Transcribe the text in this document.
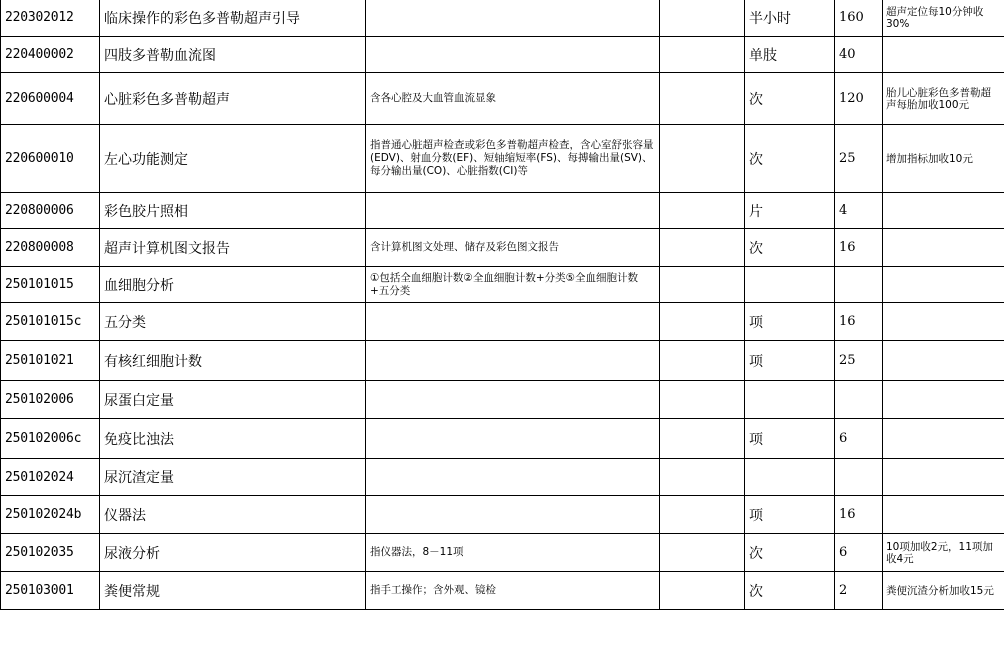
220302012	临床操作的彩色多普勒超声引导			半小时	160	超声定位每10分钟收30%
220400002	四肢多普勒血流图			单肢	40	
220600004	心脏彩色多普勒超声	含各心腔及大血管血流显象		次	120	胎儿心脏彩色多普勒超声每胎加收100元
220600010	左心功能测定	指普通心脏超声检查或彩色多普勒超声检查，含心室舒张容量(EDV)、射血分数(EF)、短轴缩短率(FS)、每搏输出量(SV)、每分输出量(CO)、心脏指数(CI)等		次	25	增加指标加收10元
220800006	彩色胶片照相			片	4	
220800008	超声计算机图文报告	含计算机图文处理、储存及彩色图文报告		次	16	
250101015	血细胞分析	①包括全血细胞计数②全血细胞计数+分类⑤全血细胞计数+五分类				
250101015c	五分类			项	16	
250101021	有核红细胞计数			项	25	
250102006	尿蛋白定量					
250102006c	免疫比浊法			项	6	
250102024	尿沉渣定量					
250102024b	仪器法			项	16	
250102035	尿液分析	指仪器法，8－11项		次	6	10项加收2元，11项加收4元
250103001	粪便常规	指手工操作；含外观、镜检		次	2	粪便沉渣分析加收15元
